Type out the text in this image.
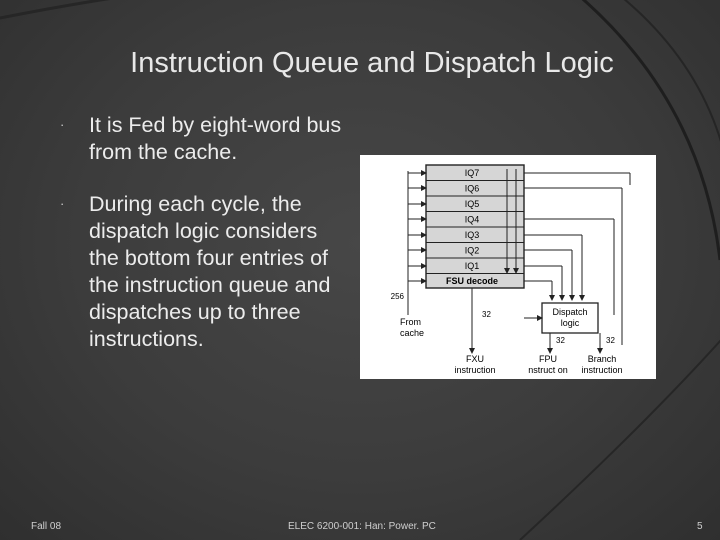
Instruction Queue and Dispatch Logic
· It is Fed by eight-word bus from the cache.
· During each cycle, the dispatch logic considers the bottom four entries of the instruction queue and dispatches up to three instructions.
IQ7
IQ6
IQ5
IQ4
IQ3
IQ2
IQ1
FSU decode
256
From
cache
Dispatch
logic
32
32	32
FXU
instruction
FPU
nstruct on
Branch
instruction
Fall 08	ELEC 6200-001: Han: Power. PC	5
